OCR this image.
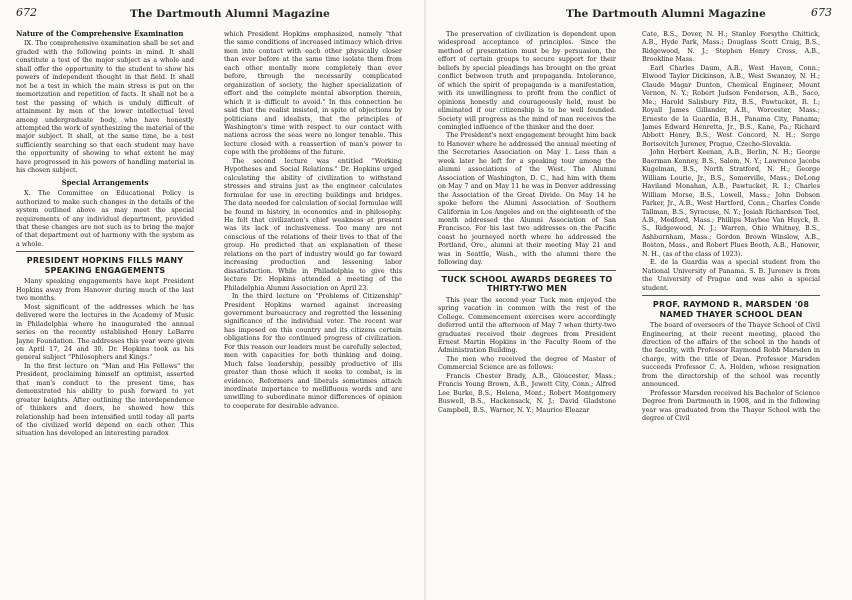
672	The Dartmouth Alumni Magazine
Nature of the Comprehensive Examination

IX. The comprehensive examination shall be set and graded with the following points in mind. It shall constitute a test of the major subject as a whole and shall offer the opportunity to the student to show his powers of independent thought in that field. It shall not be a test in which the main stress is put on the memorization and repetition of facts. It shall not be a test the passing of which is unduly difficult of attainment by men of the lower intellectual level among undergraduate body, who have honestly attempted the work of synthesizing the material of the major subject. It shall, at the same time, be a test sufficiently searching so that each student may have the opportunity of showing to what extent he may have progressed in his powers of handling material in his chosen subject.

Special Arrangements

X. The Committee on Educational Policy is authorized to make such changes in the details of the system outlined above as may meet the special requirements of any individual department, provided that these changes are not such as to bring the major of that department out of harmony with the system as a whole.

PRESIDENT HOPKINS FILLS MANY SPEAKING ENGAGEMENTS

Many speaking engagements have kept President Hopkins away from Hanover during much of the last two months.

Most significant of the addresses which he has delivered were the lectures in the Academy of Music in Philadelphia where he inaugurated the annual series on the recently established Henry LeBarre Jayne Foundation. The addresses this year were given on April 17, 24 and 30. Dr. Hopkins took as his general subject "Philosophers and Kings."

In the first lecture on "Man and His Fellows" the President, proclaiming himself an optimist, asserted that man's conduct to the present time, has demonstrated his ability to push forward to yet greater heights. After outlining the interdependence of thinkers and doers, he showed how this relationship had been intensified until today all parts of the civilized world depend on each other. This situation has developed an interesting paradox

which President Hopkins emphasized, namely "that the same conditions of increased intimacy which drive men into contact with each other physically closer than ever before at the same time isolate them from each other mentally more completely than ever before, through the necessarily complicated organization of society, the higher specialization of effort and the complete mental absorption therein, which it is difficult to avoid." In this connection he said that the realist insisted, in spite of objections by politicians and idealists, that the principles of Washington's time with respect to our contact with nations across the seas were no longer tenable. This lecture closed with a reassertion of man's power to cope with the problems of the future.

The second lecture was entitled "Working Hypotheses and Social Relations." Dr. Hopkins urged calculating the ability of civilization to withstand stresses and strains just as the engineer calculates formulae for use in erecting buildings and bridges. The data needed for calculation of social formulae will be found in history, in economics and in philosophy. He felt that civilization's chief weakness at present was its lack of inclusiveness. Too many are not conscious of the relations of their lives to that of the group. He predicted that an explanation of these relations on the part of industry would go far toward increasing production and lessening labor dissatisfaction. While in Philadelphia to give this lecture Dr. Hopkins attended a meeting of the Philadelphia Alumni Association on April 23.

In the third lecture on "Problems of Citizenship" President Hopkins warned against increasing government bureaucracy and regretted the lessening significance of the individual voter. The recent war has imposed on this country and its citizens certain obligations for the continued progress of civilization. For this reason our leaders must be carefully selected, men with capacities for both thinking and doing. Much false leadership, possibly productive of ills greater than those which it seeks to combat, is in evidence. Reformers and liberals sometimes attach inordinate importance to mellifluous words and are unwilling to subordinate minor differences of opinion to cooperate for desirable advance.

The Dartmouth Alumni Magazine	673

The preservation of civilization is dependent upon widespread acceptance of principles. Since the method of presentation must be by persuasion, the effort of certain groups to secure support for their beliefs by special pleadings has brought on the great conflict between truth and propaganda. Intolerance, of which the spirit of propaganda is a manifestation, with its unwillingness to profit from the conflict of opinions honestly and courageously held, must be eliminated if our citizenship is to be well founded. Society will progress as the mind of man receives the comingled influence of the thinker and the doer.

The President's next engagement brought him back to Hanover where he addressed the annual meeting of the Secretaries Association on May 1. Less than a week later he left for a speaking tour among the alumni associations of the West. The Alumni Association of Washington, D. C., had him with them on May 7 and on May 11 he was in Denver addressing the Association of the Great Divide. On May 14 he spoke before the Alumni Association of Southern California in Los Angeles and on the eighteenth of the month addressed the Alumni Association of San Francisco. For his last two addresses on the Pacific coast he journeyed north where he addressed the Portland, Ore., alumni at their meeting May 21 and was in Seattle, Wash., with the alumni there the following day.

TUCK SCHOOL AWARDS DEGREES TO THIRTY-TWO MEN

This year the second year Tuck men enjoyed the spring vacation in common with the rest of the College. Commencement exercises were accordingly deferred until the afternoon of May 7 when thirty-two graduates received their degrees from President Ernest Martin Hopkins in the Faculty Room of the Administration Building.

The men who received the degree of Master of Commercial Science are as follows:

Francis Chester Brady, A.B., Gloucester, Mass.; Francis Young Brown, A.B., Jewett City, Conn.; Alfred Lee Burke, B.S., Helena, Mont.; Robert Montgomery Buswell, B.S., Hackensack, N. J.; David Gladstone Campbell, B.S., Warner, N. Y.; Maurice Eleazar

Cate, B.S., Dover, N. H.; Stanley Forsythe Chittick, A.B., Hyde Park, Mass.; Douglass Scott Craig, B.S., Ridgewood, N. J.; Stephen Henry Cross, A.B., Brookline Mass.

Earl Charles Daum, A.B., West Haven, Conn.; Elwood Taylor Dickinson, A.B., West Swanzey, N. H.; Claude Magar Dunton, Chemical Engineer, Mount Vernon, N. Y.; Robert Judson Fenderson, A.B., Saco, Me.; Harold Salisbury Fitz, B.S., Pawtucket, R. I.; Royall James Gillander, A.B., Worcester, Mass.; Ernesto de la Guardia, B.H., Panama City, Panama; James Edward Henretta, Jr., B.S., Kane, Pa.; Richard Abbott Henry, B.S., West Concord, N. H.; Serge Borisovitch Jurenev, Prague, Czecho-Slovakia.

John Herbert Keenan, A.B., Berlin, N. H.; George Baerman Kenney, B.S., Salem, N. Y.; Lawrence Jacobs Kugelman, B.S., North Stratford, N. H.; George William Lourie, Jr., B.S., Somerville, Mass.; DeLong Haviland Monahan, A.B., Pawtucket, R. I.; Charles William Morse, B.S., Lowell, Mass.; John Dobson Parker, Jr., A.B., West Hartford, Conn.; Charles Conde Tallman, B.S., Syracuse, N. Y.; Josiah Richardson Teel, A.B., Medford, Mass.; Phillips Maybee Van Huyck, B. S., Ridgewood, N. J.; Warren, Ohio Whitney, B.S., Ashburnham, Mass.; Gordon Brown Winslow, A.B., Boston, Mass., and Robert Plues Booth, A.B., Hanover, N. H., (as of the class of 1923).

E. de la Guardia was a special student from the National University of Panama. S. B. Jurenev is from the University of Prague and was also a special student.

PROF. RAYMOND R. MARSDEN '08 NAMED THAYER SCHOOL DEAN

The board of overseers of the Thayer School of Civil Engineering, at their recent meeting, placed the direction of the affairs of the school in the hands of the faculty, with Professor Raymond Robb Marsden in charge, with the title of Dean. Professor Marsden succeeds Professor C. A. Holden, whose resignation from the directorship of the school was recently announced.

Professor Marsden received his Bachelor of Science Degree from Dartmouth in 1908, and in the following year was graduated from the Thayer School with the degree of Civil
